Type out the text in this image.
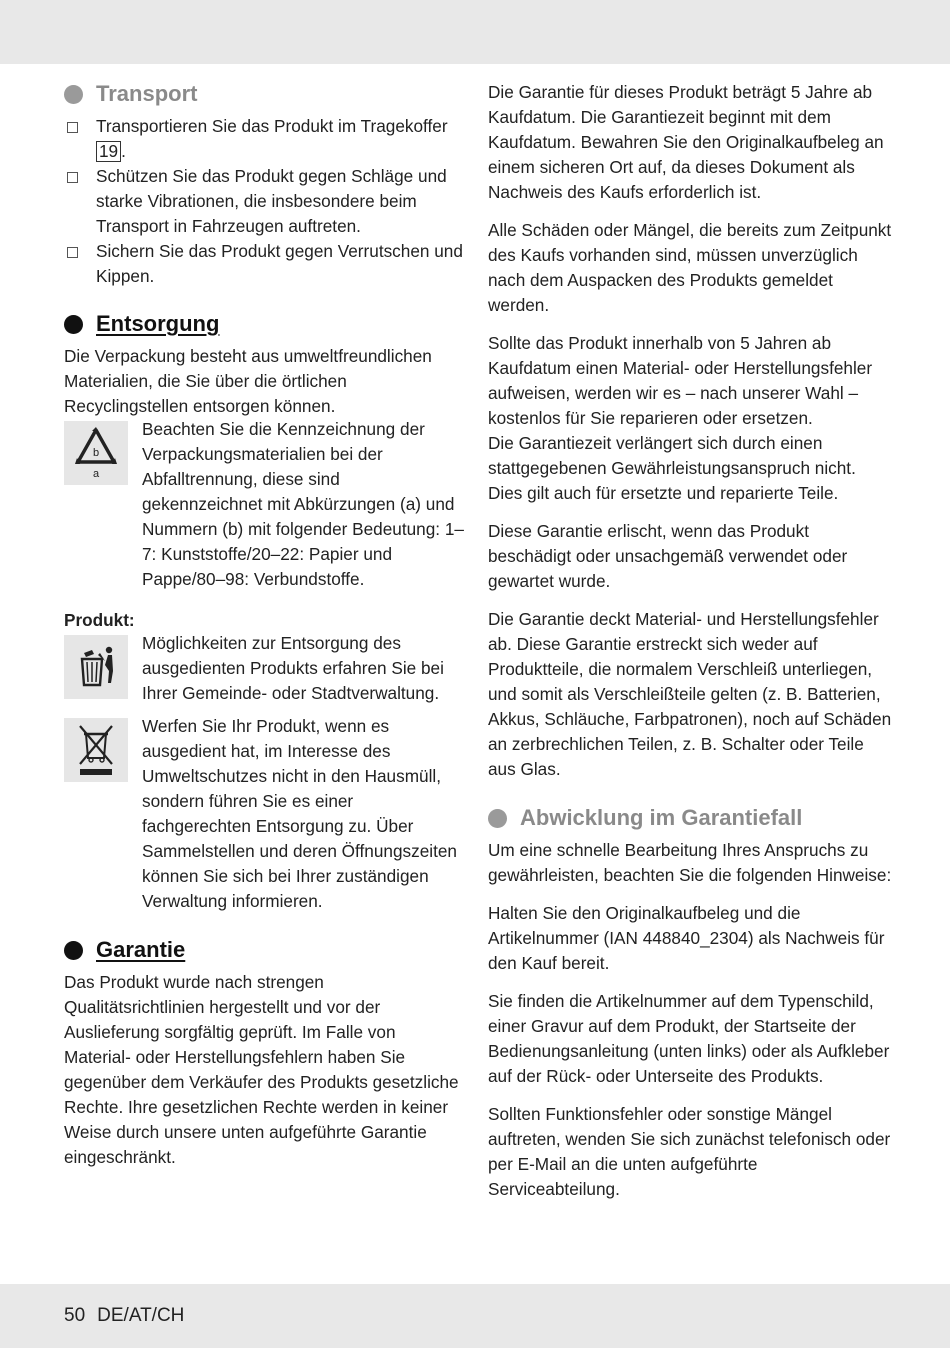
Transport
Transportieren Sie das Produkt im Tragekoffer 19 .
Schützen Sie das Produkt gegen Schläge und starke Vibrationen, die insbesondere beim Transport in Fahrzeugen auftreten.
Sichern Sie das Produkt gegen Verrutschen und Kippen.
Entsorgung

Die Verpackung besteht aus umweltfreundlichen Materialien, die Sie über die örtlichen Recyclingstellen entsorgen können.

b
a

Beachten Sie die Kennzeichnung der Verpackungsmaterialien bei der Abfalltrennung, diese sind gekennzeichnet mit Abkürzungen (a) und Nummern (b) mit folgender Bedeutung: 1–7: Kunststoffe/20–22: Papier und Pappe/80–98: Verbundstoffe.

Produkt:

Möglichkeiten zur Entsorgung des ausgedienten Produkts erfahren Sie bei Ihrer Gemeinde- oder Stadtverwaltung.

Werfen Sie Ihr Produkt, wenn es ausgedient hat, im Interesse des Umweltschutzes nicht in den Hausmüll, sondern führen Sie es einer fachgerechten Entsorgung zu. Über Sammelstellen und deren Öffnungszeiten können Sie sich bei Ihrer zuständigen Verwaltung informieren.

Garantie

Das Produkt wurde nach strengen Qualitätsrichtlinien hergestellt und vor der Auslieferung sorgfältig geprüft. Im Falle von Material- oder Herstellungsfehlern haben Sie gegenüber dem Verkäufer des Produkts gesetzliche Rechte. Ihre gesetzlichen Rechte werden in keiner Weise durch unsere unten aufgeführte Garantie eingeschränkt.

Die Garantie für dieses Produkt beträgt 5 Jahre ab Kaufdatum. Die Garantiezeit beginnt mit dem Kaufdatum. Bewahren Sie den Originalkaufbeleg an einem sicheren Ort auf, da dieses Dokument als Nachweis des Kaufs erforderlich ist.

Alle Schäden oder Mängel, die bereits zum Zeitpunkt des Kaufs vorhanden sind, müssen unverzüglich nach dem Auspacken des Produkts gemeldet werden.

Sollte das Produkt innerhalb von 5 Jahren ab Kaufdatum einen Material- oder Herstellungsfehler aufweisen, werden wir es – nach unserer Wahl – kostenlos für Sie reparieren oder ersetzen.

Die Garantiezeit verlängert sich durch einen stattgegebenen Gewährleistungsanspruch nicht. Dies gilt auch für ersetzte und reparierte Teile.

Diese Garantie erlischt, wenn das Produkt beschädigt oder unsachgemäß verwendet oder gewartet wurde.

Die Garantie deckt Material- und Herstellungsfehler ab. Diese Garantie erstreckt sich weder auf Produktteile, die normalem Verschleiß unterliegen, und somit als Verschleißteile gelten (z. B. Batterien, Akkus, Schläuche, Farbpatronen), noch auf Schäden an zerbrechlichen Teilen, z. B. Schalter oder Teile aus Glas.

Abwicklung im Garantiefall

Um eine schnelle Bearbeitung Ihres Anspruchs zu gewährleisten, beachten Sie die folgenden Hinweise:

Halten Sie den Originalkaufbeleg und die Artikelnummer (IAN 448840_2304) als Nachweis für den Kauf bereit.

Sie finden die Artikelnummer auf dem Typenschild, einer Gravur auf dem Produkt, der Startseite der Bedienungsanleitung (unten links) oder als Aufkleber auf der Rück- oder Unterseite des Produkts.

Sollten Funktionsfehler oder sonstige Mängel auftreten, wenden Sie sich zunächst telefonisch oder per E-Mail an die unten aufgeführte Serviceabteilung.

50 DE/AT/CH
